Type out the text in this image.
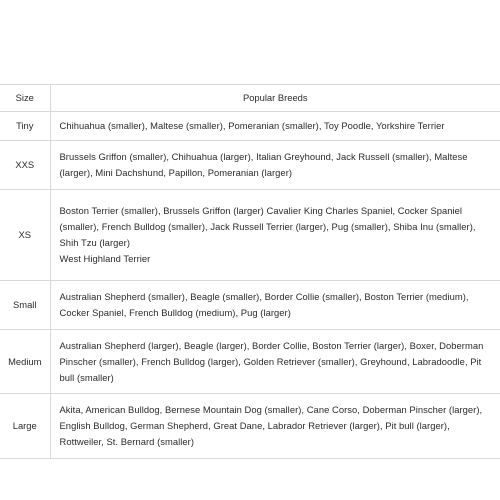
Size	Popular Breeds
Tiny	Chihuahua (smaller), Maltese (smaller), Pomeranian (smaller), Toy Poodle, Yorkshire Terrier
XXS	Brussels Griffon (smaller), Chihuahua (larger), Italian Greyhound, Jack Russell (smaller), Maltese (larger), Mini Dachshund, Papillon, Pomeranian (larger)
XS	Boston Terrier (smaller), Brussels Griffon (larger) Cavalier King Charles Spaniel, Cocker Spaniel (smaller), French Bulldog (smaller), Jack Russell Terrier (larger), Pug (smaller), Shiba Inu (smaller), Shih Tzu (larger)
West Highland Terrier
Small	Australian Shepherd (smaller), Beagle (smaller), Border Collie (smaller), Boston Terrier (medium), Cocker Spaniel, French Bulldog (medium), Pug (larger)
Medium	Australian Shepherd (larger), Beagle (larger), Border Collie, Boston Terrier (larger), Boxer, Doberman Pinscher (smaller), French Bulldog (larger), Golden Retriever (smaller), Greyhound, Labradoodle, Pit bull (smaller)
Large	Akita, American Bulldog, Bernese Mountain Dog (smaller), Cane Corso, Doberman Pinscher (larger), English Bulldog, German Shepherd, Great Dane, Labrador Retriever (larger), Pit bull (larger), Rottweiler, St. Bernard (smaller)
